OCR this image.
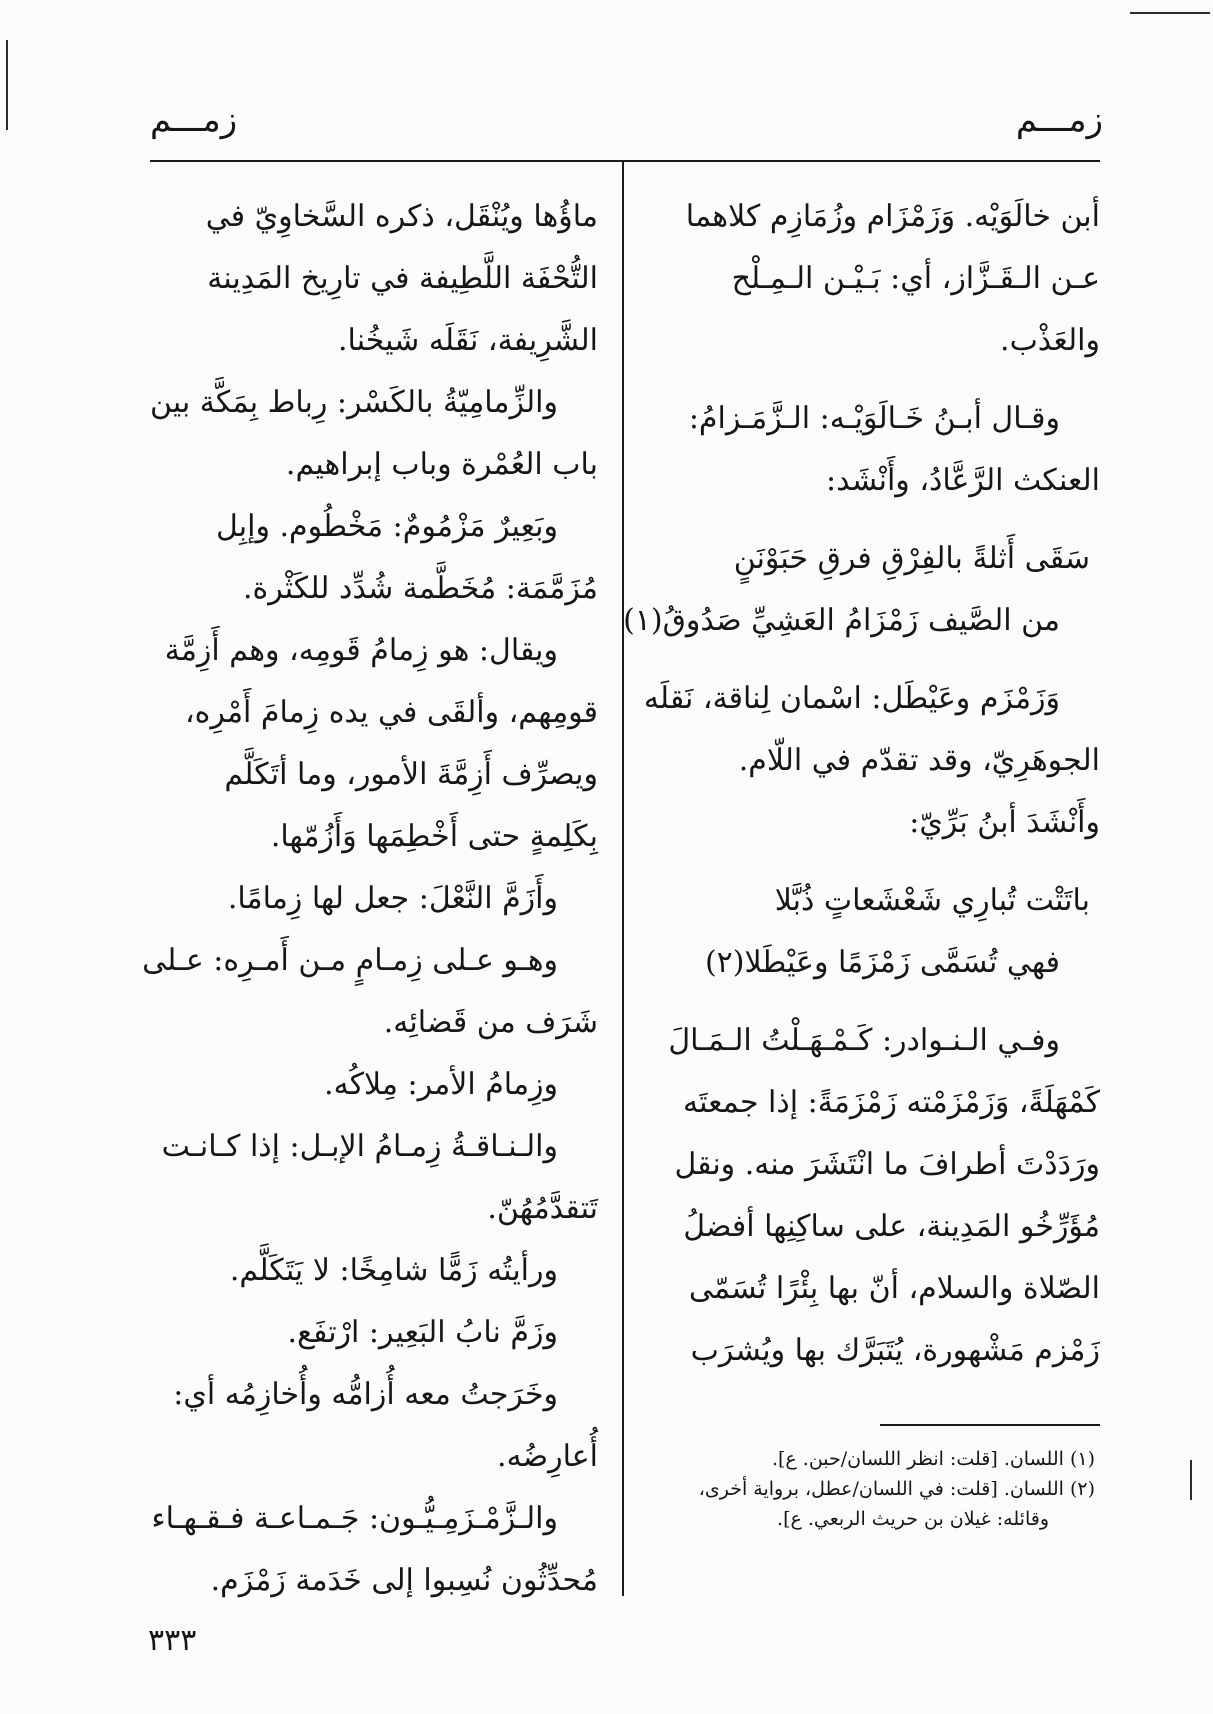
زمـــم	زمـــم
أبن خالَوَيْه. وَزَمْزَام وزُمَازِم كلاهما
عـن الـقَـزَّاز، أي: بَـيْـن الـمِـلْح
والعَذْب.
وقـال أبـنُ خَـالَوَيْـه: الـزَّمَـزامُ:
العنكث الرَّعَّادُ، وأَنْشَد:
سَقَى أَثلةً بالفِرْقِ فرقِ حَبَوْنَنٍ
من الصَّيف زَمْزَامُ العَشِيِّ صَدُوقُ(١)
وَزَمْزَم وعَيْطَل: اسْمان لِناقة، نَقلَه
الجوهَرِيّ، وقد تقدّم في اللّام.
وأَنْشَدَ أبنُ بَرِّيّ:
باتَتْت تُبارِي شَعْشَعاتٍ ذُبَّلا
فهي تُسَمَّى زَمْزَمًا وعَيْطَلا(٢)
وفـي الـنـوادر: كَـمْـهَـلْتُ الـمَـالَ
كَمْهَلَةً، وَزَمْزَمْته زَمْزَمَةً: إذا جمعتَه
ورَدَدْتَ أطرافَ ما انْتَشَرَ منه. ونقل
مُؤَرِّخُو المَدِينة، على ساكِنِها أفضلُ
الصّلاة والسلام، أنّ بها بِئْرًا تُسَمّى
زَمْزم مَشْهورة، يُتَبَرَّك بها ويُشرَب
ماؤُها ويُنْقَل، ذكره السَّخاوِيّ في
التُّحْفَة اللَّطِيفة في تارِيخ المَدِينة
الشَّرِيفة، نَقَلَه شَيخُنا.
والزِّمامِيّةُ بالكَسْر: رِباط بِمَكَّة بين
باب العُمْرة وباب إبراهيم.
وبَعِيرٌ مَزْمُومٌ: مَخْطُوم. وإبِل
مُزَمَّمَة: مُخَطَّمة شُدِّد للكَثْرة.
ويقال: هو زِمامُ قَومِه، وهم أَزِمَّة
قومِهم، وألقَى في يده زِمامَ أَمْرِه،
ويصرِّف أَزِمَّةَ الأمور، وما أتَكَلَّم
بِكَلِمةٍ حتى أَخْطِمَها وَأَزُمّها.
وأَزَمَّ النَّعْلَ: جعل لها زِمامًا.
وهـو عـلى زِمـامٍ مـن أَمـرِه: عـلى
شَرَف من قَضائِه.
وزِمامُ الأمر: مِلاكُه.
والـنـاقـةُ زِمـامُ الإبـل: إذا كـانـت
تَتقدَّمُهُنّ.
ورأيتُه زَمًّا شامِخًا: لا يَتَكَلَّم.
وزَمَّ نابُ البَعِير: ارْتفَع.
وخَرَجتُ معه أُزامُّه وأُخازِمُه أي:
أُعارِضُه.
والـزَّمْـزَمِـيُّـون: جَـمـاعـة فـقـهـاء
مُحدِّثُون نُسِبوا إلى خَدَمة زَمْزَم.
(١) اللسان. [قلت: انظر اللسان/حبن. ع].
(٢) اللسان. [قلت: في اللسان/عطل، برواية أخرى،
وقائله: غيلان بن حريث الربعي. ع].
٣٣٣
